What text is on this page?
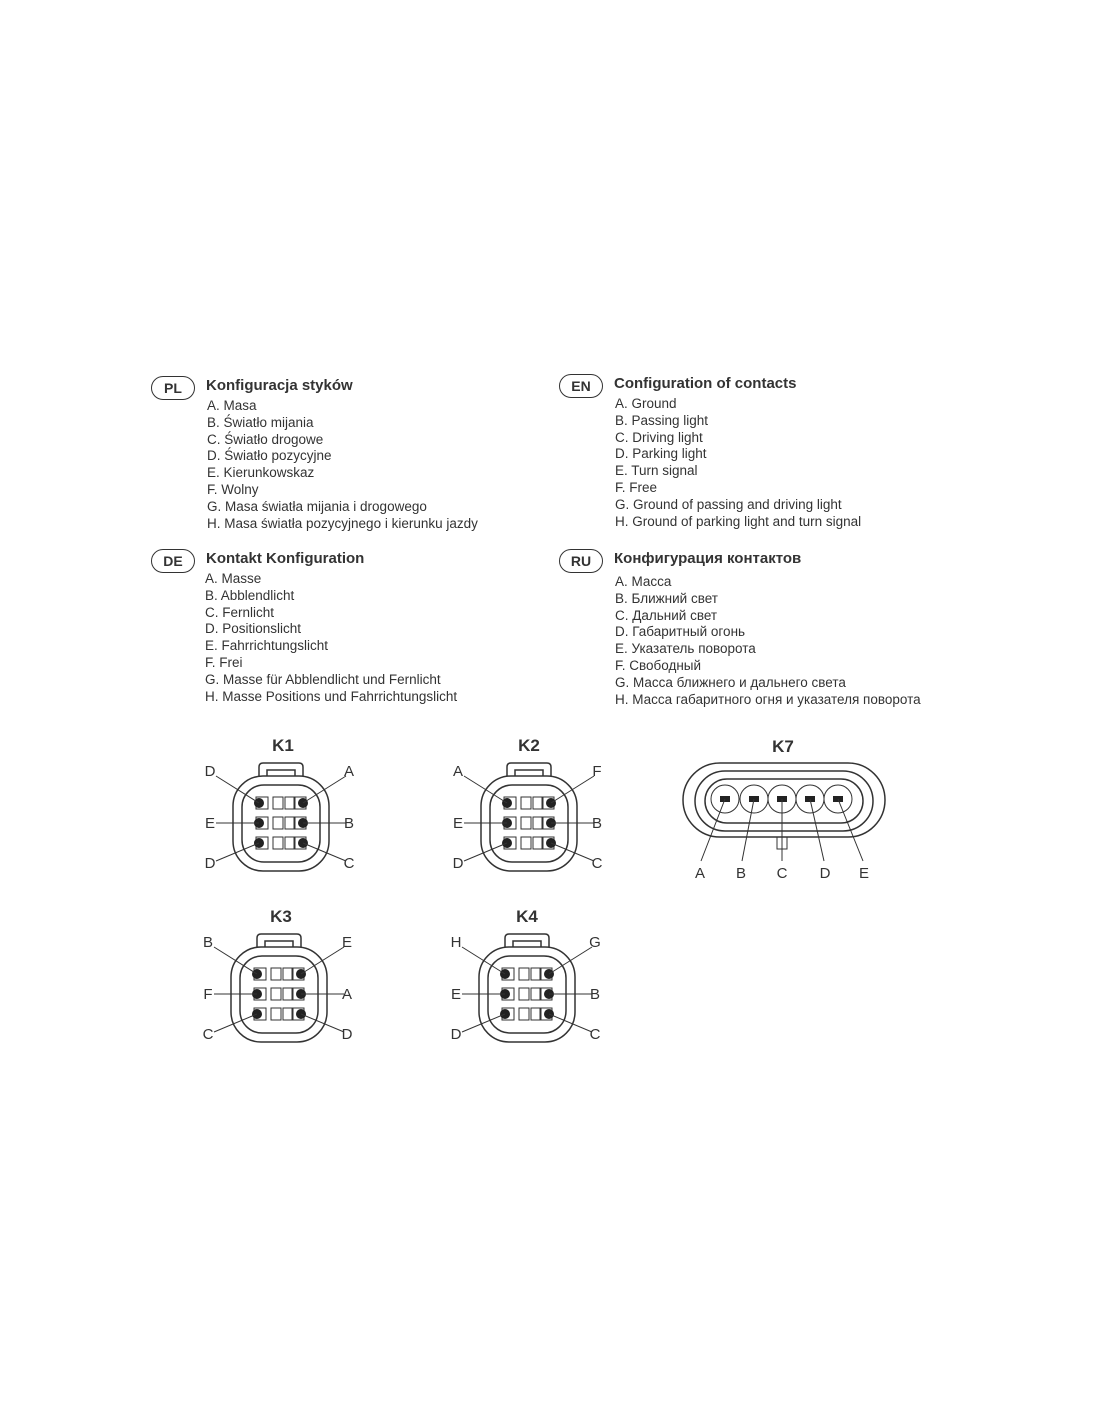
PL	Konfiguracja styków
A. Masa
B. Światło mijania
C. Światło drogowe
D. Światło pozycyjne
E. Kierunkowskaz
F. Wolny
G. Masa światła mijania i drogowego
H. Masa światła pozycyjnego i kierunku jazdy
EN	Configuration of contacts
A. Ground
B. Passing light
C. Driving light
D. Parking light
E. Turn signal
F. Free
G. Ground of passing and driving light
H. Ground of parking light and turn signal
DE	Kontakt Konfiguration
A. Masse
B. Abblendlicht
C. Fernlicht
D. Positionslicht
E. Fahrrichtungslicht
F. Frei
G. Masse für Abblendlicht und Fernlicht
H. Masse Positions und Fahrrichtungslicht
RU	Конфигурация контактов
A. Масса
B. Ближний свет
C. Дальний свет
D. Габаритный огонь
E. Указатель поворота
F. Свободный
G. Масса ближнего и дальнего света
H. Масса габаритного огня и указателя поворота
K1
D	A
E	B
D	C
K2
A	F
E	B
D	C
K3
B	E
F	A
C	D
K4
H	G
E	B
D	C
K7
A B C D E
